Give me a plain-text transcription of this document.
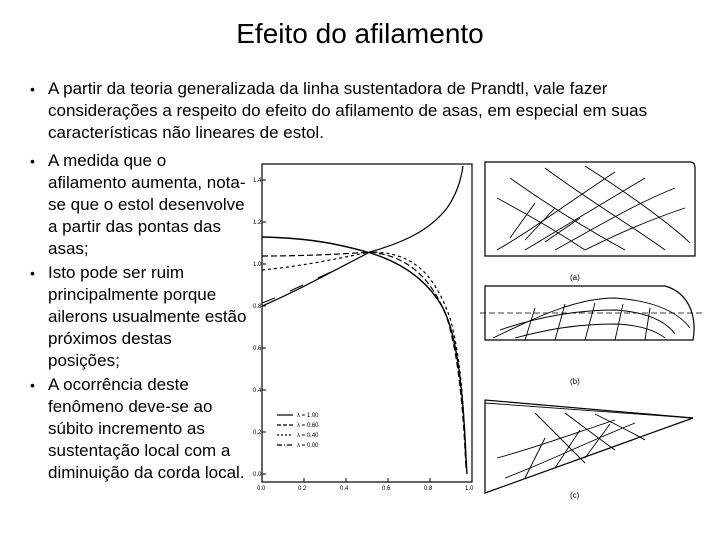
Efeito do afilamento
• A partir da teoria generalizada da linha sustentadora de Prandtl, vale fazer considerações a respeito do efeito do afilamento de asas, em especial em suas características não lineares de estol.
• A medida que o afilamento aumenta, nota-se que o estol desenvolve a partir das pontas das asas;
• Isto pode ser ruim principalmente porque ailerons usualmente estão próximos destas posições;
• A ocorrência deste fenômeno deve-se ao súbito incremento as sustentação local com a diminuição da corda local.
1.4
1.2
1.0
0.8
0.6
0.4
0.2
0.0
0.0	0.2	0.4	0.6	0.8	1.0
λ = 1.00
λ = 0.60
λ = 0.40
λ = 0.00
(a)
(b)
(c)
